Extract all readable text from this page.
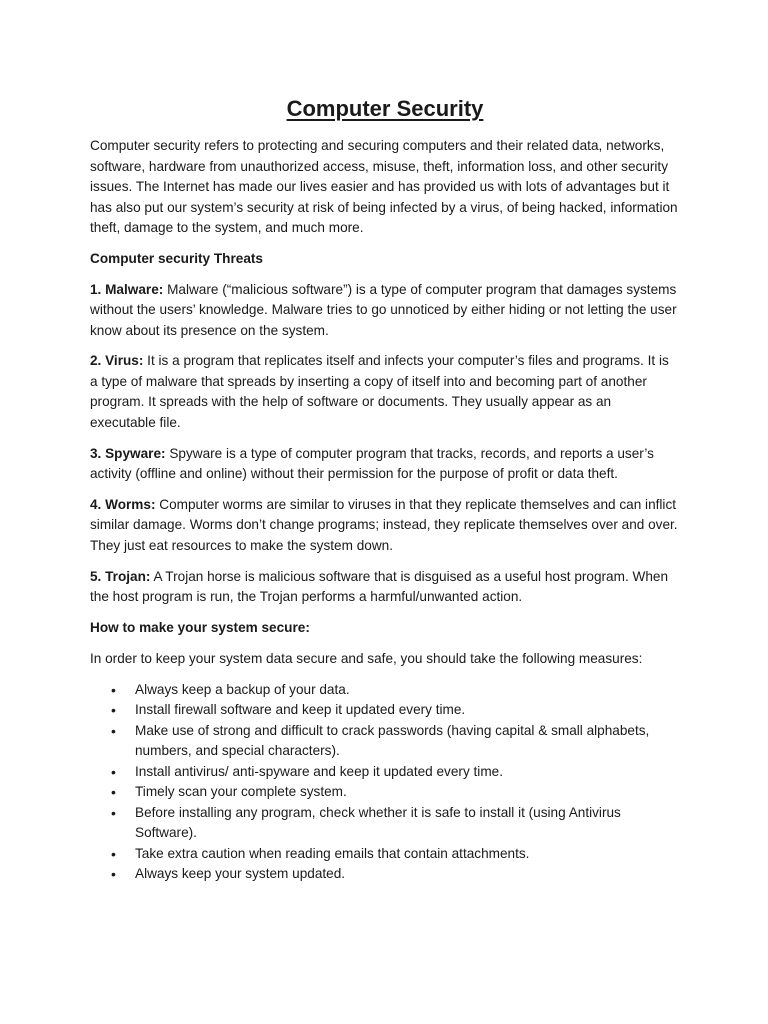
Computer Security

Computer security refers to protecting and securing computers and their related data, networks, software, hardware from unauthorized access, misuse, theft, information loss, and other security issues. The Internet has made our lives easier and has provided us with lots of advantages but it has also put our system’s security at risk of being infected by a virus, of being hacked, information theft, damage to the system, and much more.

Computer security Threats

1. Malware: Malware (“malicious software”) is a type of computer program that damages systems without the users’ knowledge. Malware tries to go unnoticed by either hiding or not letting the user know about its presence on the system.

2. Virus: It is a program that replicates itself and infects your computer’s files and programs. It is a type of malware that spreads by inserting a copy of itself into and becoming part of another program. It spreads with the help of software or documents. They usually appear as an executable file.

3. Spyware: Spyware is a type of computer program that tracks, records, and reports a user’s activity (offline and online) without their permission for the purpose of profit or data theft.

4. Worms: Computer worms are similar to viruses in that they replicate themselves and can inflict similar damage. Worms don’t change programs; instead, they replicate themselves over and over. They just eat resources to make the system down.

5. Trojan: A Trojan horse is malicious software that is disguised as a useful host program. When the host program is run, the Trojan performs a harmful/unwanted action.

How to make your system secure:

In order to keep your system data secure and safe, you should take the following measures:

• Always keep a backup of your data.
• Install firewall software and keep it updated every time.
• Make use of strong and difficult to crack passwords (having capital & small alphabets, numbers, and special characters).
• Install antivirus/ anti-spyware and keep it updated every time.
• Timely scan your complete system.
• Before installing any program, check whether it is safe to install it (using Antivirus Software).
• Take extra caution when reading emails that contain attachments.
• Always keep your system updated.
